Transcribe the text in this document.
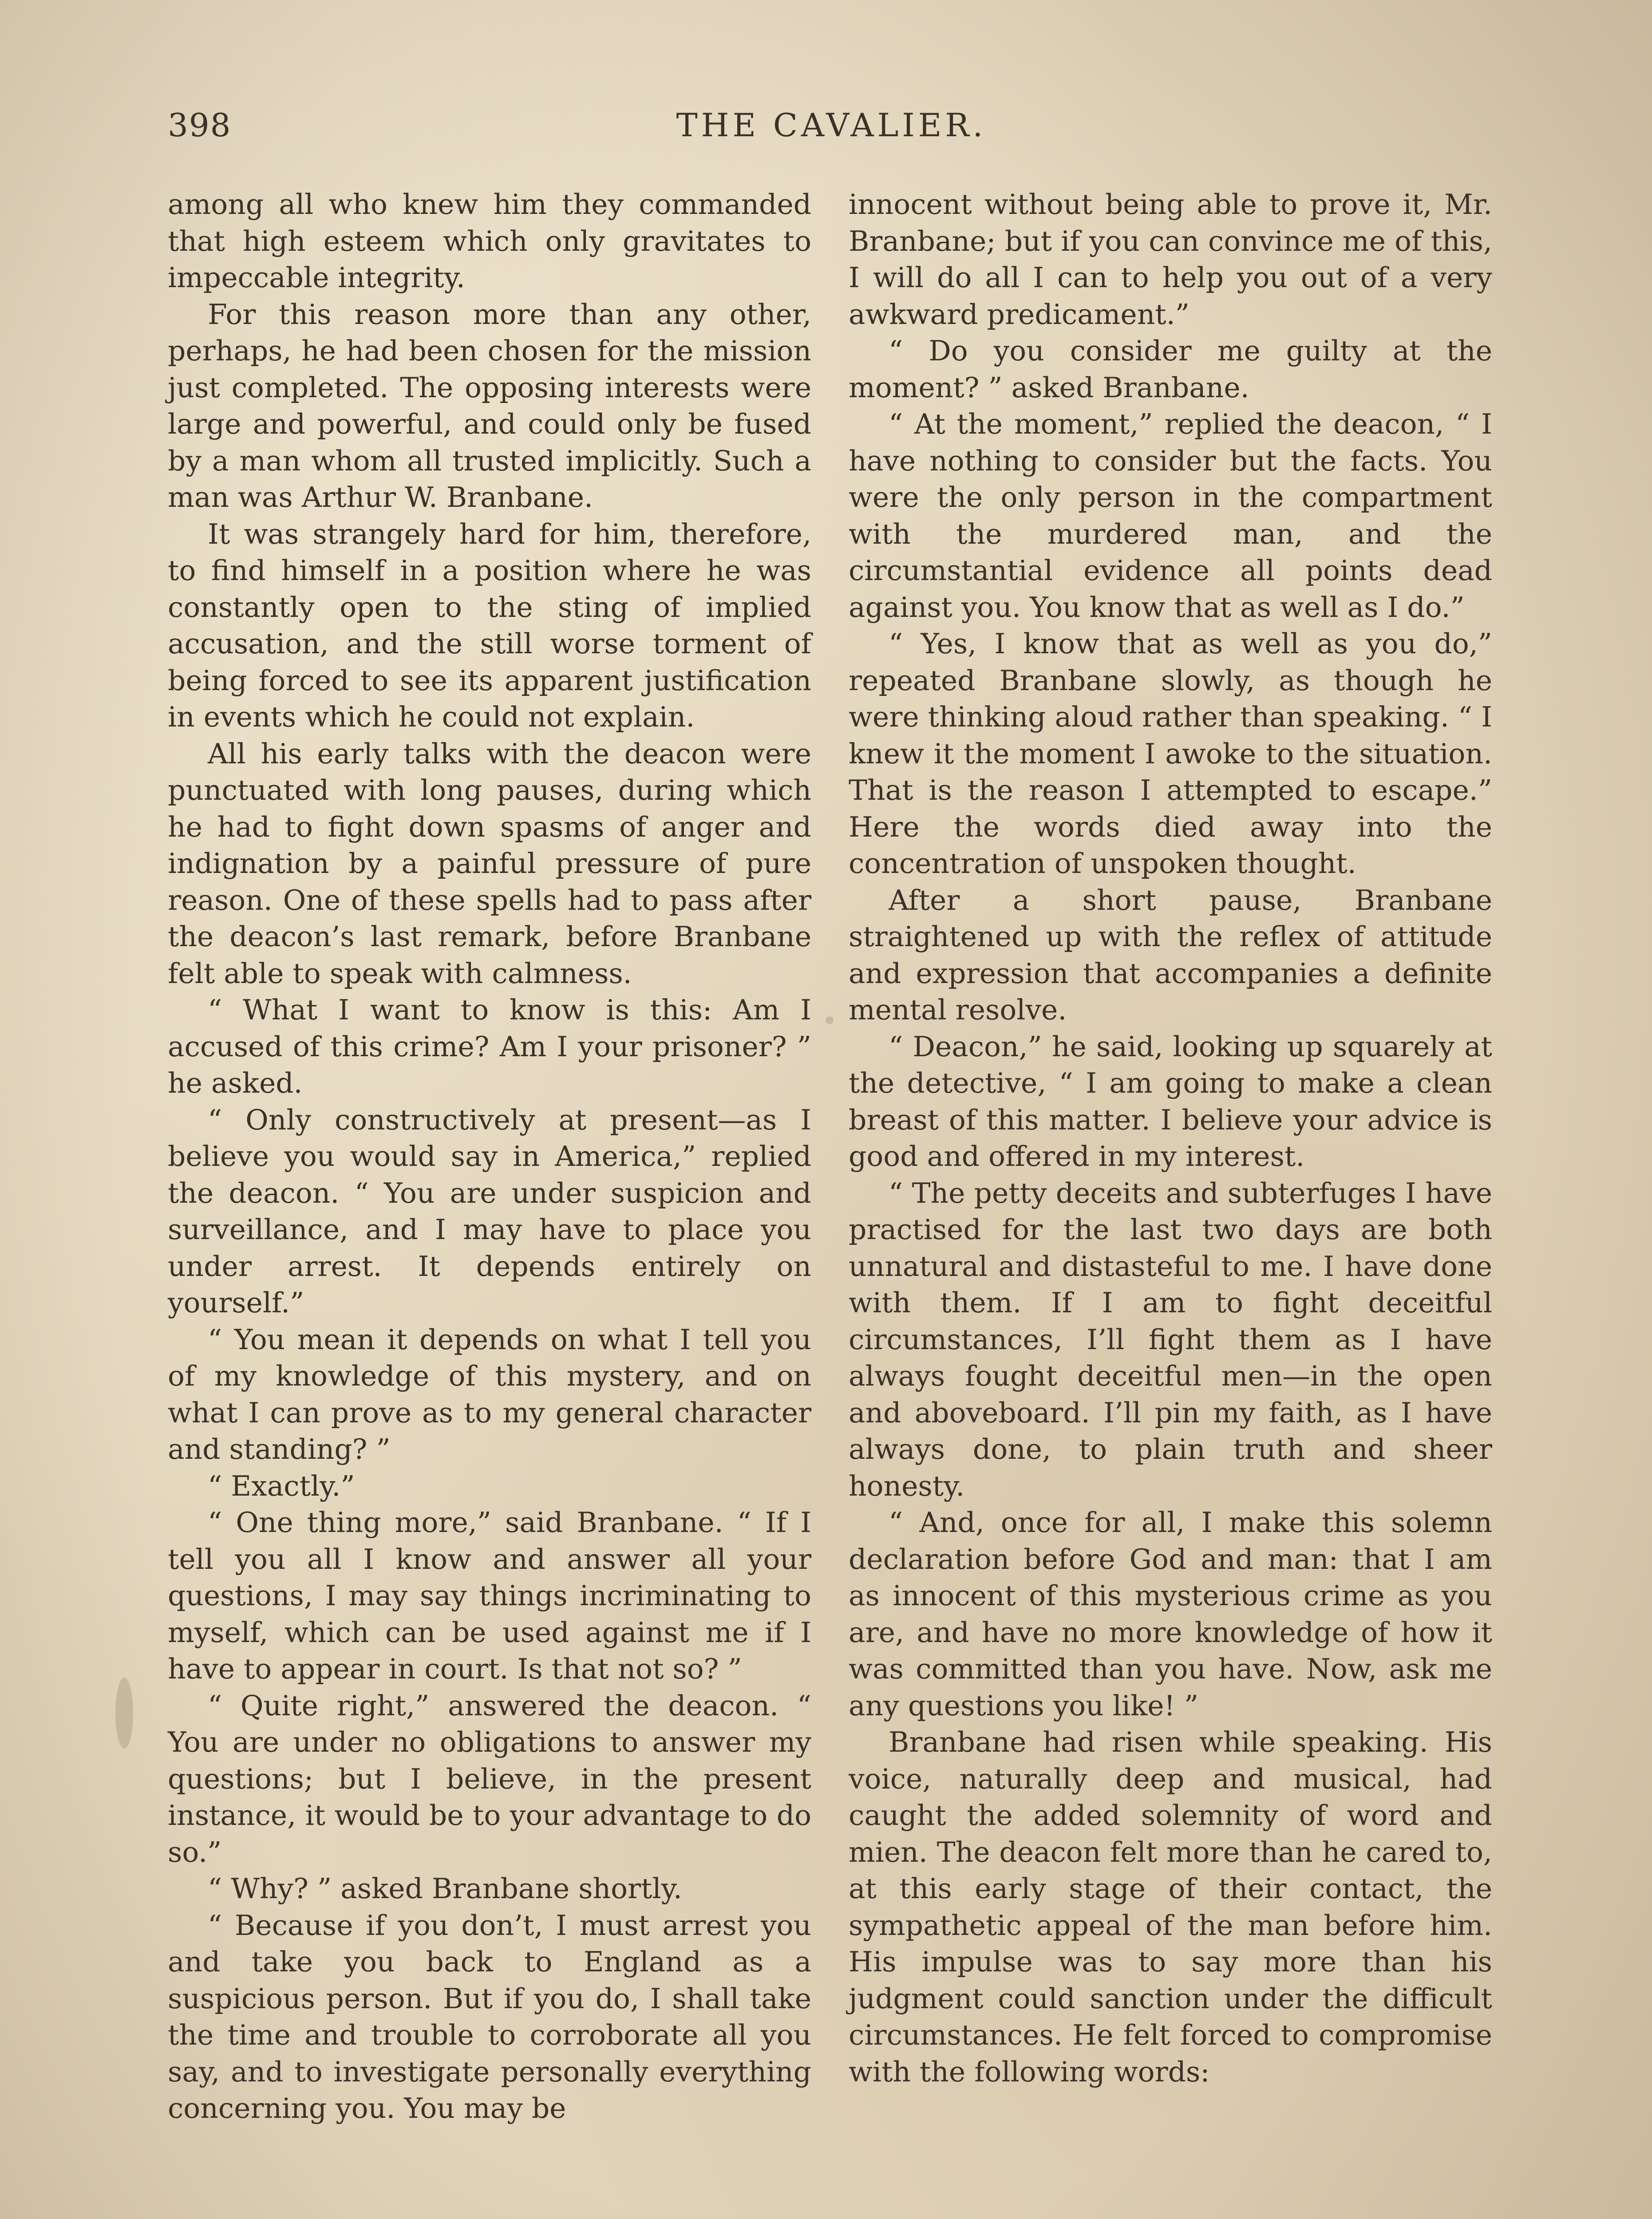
398	THE CAVALIER.

among all who knew him they commanded that high esteem which only gravitates to impeccable integrity.

For this reason more than any other, perhaps, he had been chosen for the mission just completed. The opposing interests were large and powerful, and could only be fused by a man whom all trusted implicitly. Such a man was Arthur W. Branbane.

It was strangely hard for him, therefore, to find himself in a position where he was constantly open to the sting of implied accusation, and the still worse torment of being forced to see its apparent justification in events which he could not explain.

All his early talks with the deacon were punctuated with long pauses, during which he had to fight down spasms of anger and indignation by a painful pressure of pure reason. One of these spells had to pass after the deacon’s last remark, before Branbane felt able to speak with calmness.

“ What I want to know is this: Am I accused of this crime? Am I your prisoner? ” he asked.

“ Only constructively at present—as I believe you would say in America,” replied the deacon. “ You are under suspicion and surveillance, and I may have to place you under arrest. It depends entirely on yourself.”

“ You mean it depends on what I tell you of my knowledge of this mystery, and on what I can prove as to my general character and standing? ”

“ Exactly.”

“ One thing more,” said Branbane. “ If I tell you all I know and answer all your questions, I may say things incriminating to myself, which can be used against me if I have to appear in court. Is that not so? ”

“ Quite right,” answered the deacon. “ You are under no obligations to answer my questions; but I believe, in the present instance, it would be to your advantage to do so.”

“ Why? ” asked Branbane shortly.

“ Because if you don’t, I must arrest you and take you back to England as a suspicious person. But if you do, I shall take the time and trouble to corroborate all you say, and to investigate personally everything concerning you. You may be

innocent without being able to prove it, Mr. Branbane; but if you can convince me of this, I will do all I can to help you out of a very awkward predicament.”

“ Do you consider me guilty at the moment? ” asked Branbane.

“ At the moment,” replied the deacon, “ I have nothing to consider but the facts. You were the only person in the compartment with the murdered man, and the circumstantial evidence all points dead against you. You know that as well as I do.”

“ Yes, I know that as well as you do,” repeated Branbane slowly, as though he were thinking aloud rather than speaking. “ I knew it the moment I awoke to the situation. That is the reason I attempted to escape.” Here the words died away into the concentration of unspoken thought.

After a short pause, Branbane straightened up with the reflex of attitude and expression that accompanies a definite mental resolve.

“ Deacon,” he said, looking up squarely at the detective, “ I am going to make a clean breast of this matter. I believe your advice is good and offered in my interest.

“ The petty deceits and subterfuges I have practised for the last two days are both unnatural and distasteful to me. I have done with them. If I am to fight deceitful circumstances, I’ll fight them as I have always fought deceitful men—in the open and aboveboard. I’ll pin my faith, as I have always done, to plain truth and sheer honesty.

“ And, once for all, I make this solemn declaration before God and man: that I am as innocent of this mysterious crime as you are, and have no more knowledge of how it was committed than you have. Now, ask me any questions you like! ”

Branbane had risen while speaking. His voice, naturally deep and musical, had caught the added solemnity of word and mien. The deacon felt more than he cared to, at this early stage of their contact, the sympathetic appeal of the man before him. His impulse was to say more than his judgment could sanction under the difficult circumstances. He felt forced to compromise with the following words:
